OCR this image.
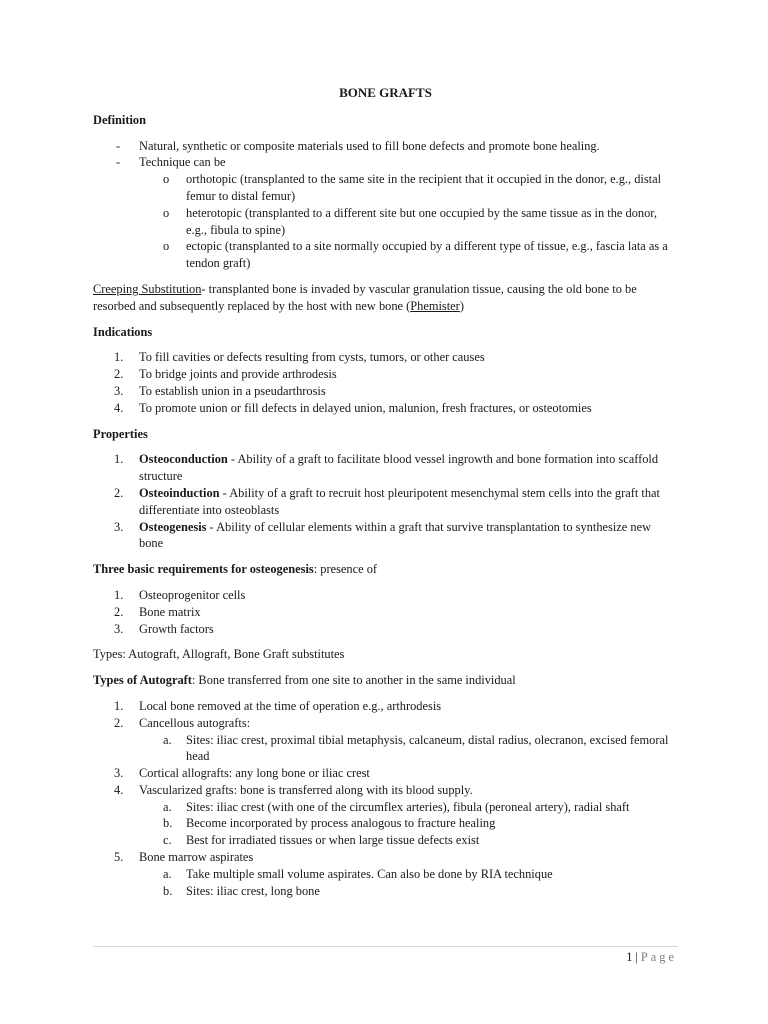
BONE GRAFTS
Definition
- Natural, synthetic or composite materials used to fill bone defects and promote bone healing.
- Technique can be
o orthotopic (transplanted to the same site in the recipient that it occupied in the donor, e.g., distal femur to distal femur)
o heterotopic (transplanted to a different site but one occupied by the same tissue as in the donor, e.g., fibula to spine)
o ectopic (transplanted to a site normally occupied by a different type of tissue, e.g., fascia lata as a tendon graft)

Creeping Substitution- transplanted bone is invaded by vascular granulation tissue, causing the old bone to be resorbed and subsequently replaced by the host with new bone (Phemister)

Indications
1. To fill cavities or defects resulting from cysts, tumors, or other causes
2. To bridge joints and provide arthrodesis
3. To establish union in a pseudarthrosis
4. To promote union or fill defects in delayed union, malunion, fresh fractures, or osteotomies
Properties
1. Osteoconduction - Ability of a graft to facilitate blood vessel ingrowth and bone formation into scaffold structure
2. Osteoinduction - Ability of a graft to recruit host pleuripotent mesenchymal stem cells into the graft that differentiate into osteoblasts
3. Osteogenesis - Ability of cellular elements within a graft that survive transplantation to synthesize new bone

Three basic requirements for osteogenesis: presence of

1. Osteoprogenitor cells
2. Bone matrix
3. Growth factors

Types: Autograft, Allograft, Bone Graft substitutes

Types of Autograft: Bone transferred from one site to another in the same individual

1. Local bone removed at the time of operation e.g., arthrodesis
2. Cancellous autografts:
a. Sites: iliac crest, proximal tibial metaphysis, calcaneum, distal radius, olecranon, excised femoral head
3. Cortical allografts: any long bone or iliac crest
4. Vascularized grafts: bone is transferred along with its blood supply.
a. Sites: iliac crest (with one of the circumflex arteries), fibula (peroneal artery), radial shaft
b. Become incorporated by process analogous to fracture healing
c. Best for irradiated tissues or when large tissue defects exist
5. Bone marrow aspirates
a. Take multiple small volume aspirates. Can also be done by RIA technique
b. Sites: iliac crest, long bone
1 | Page
